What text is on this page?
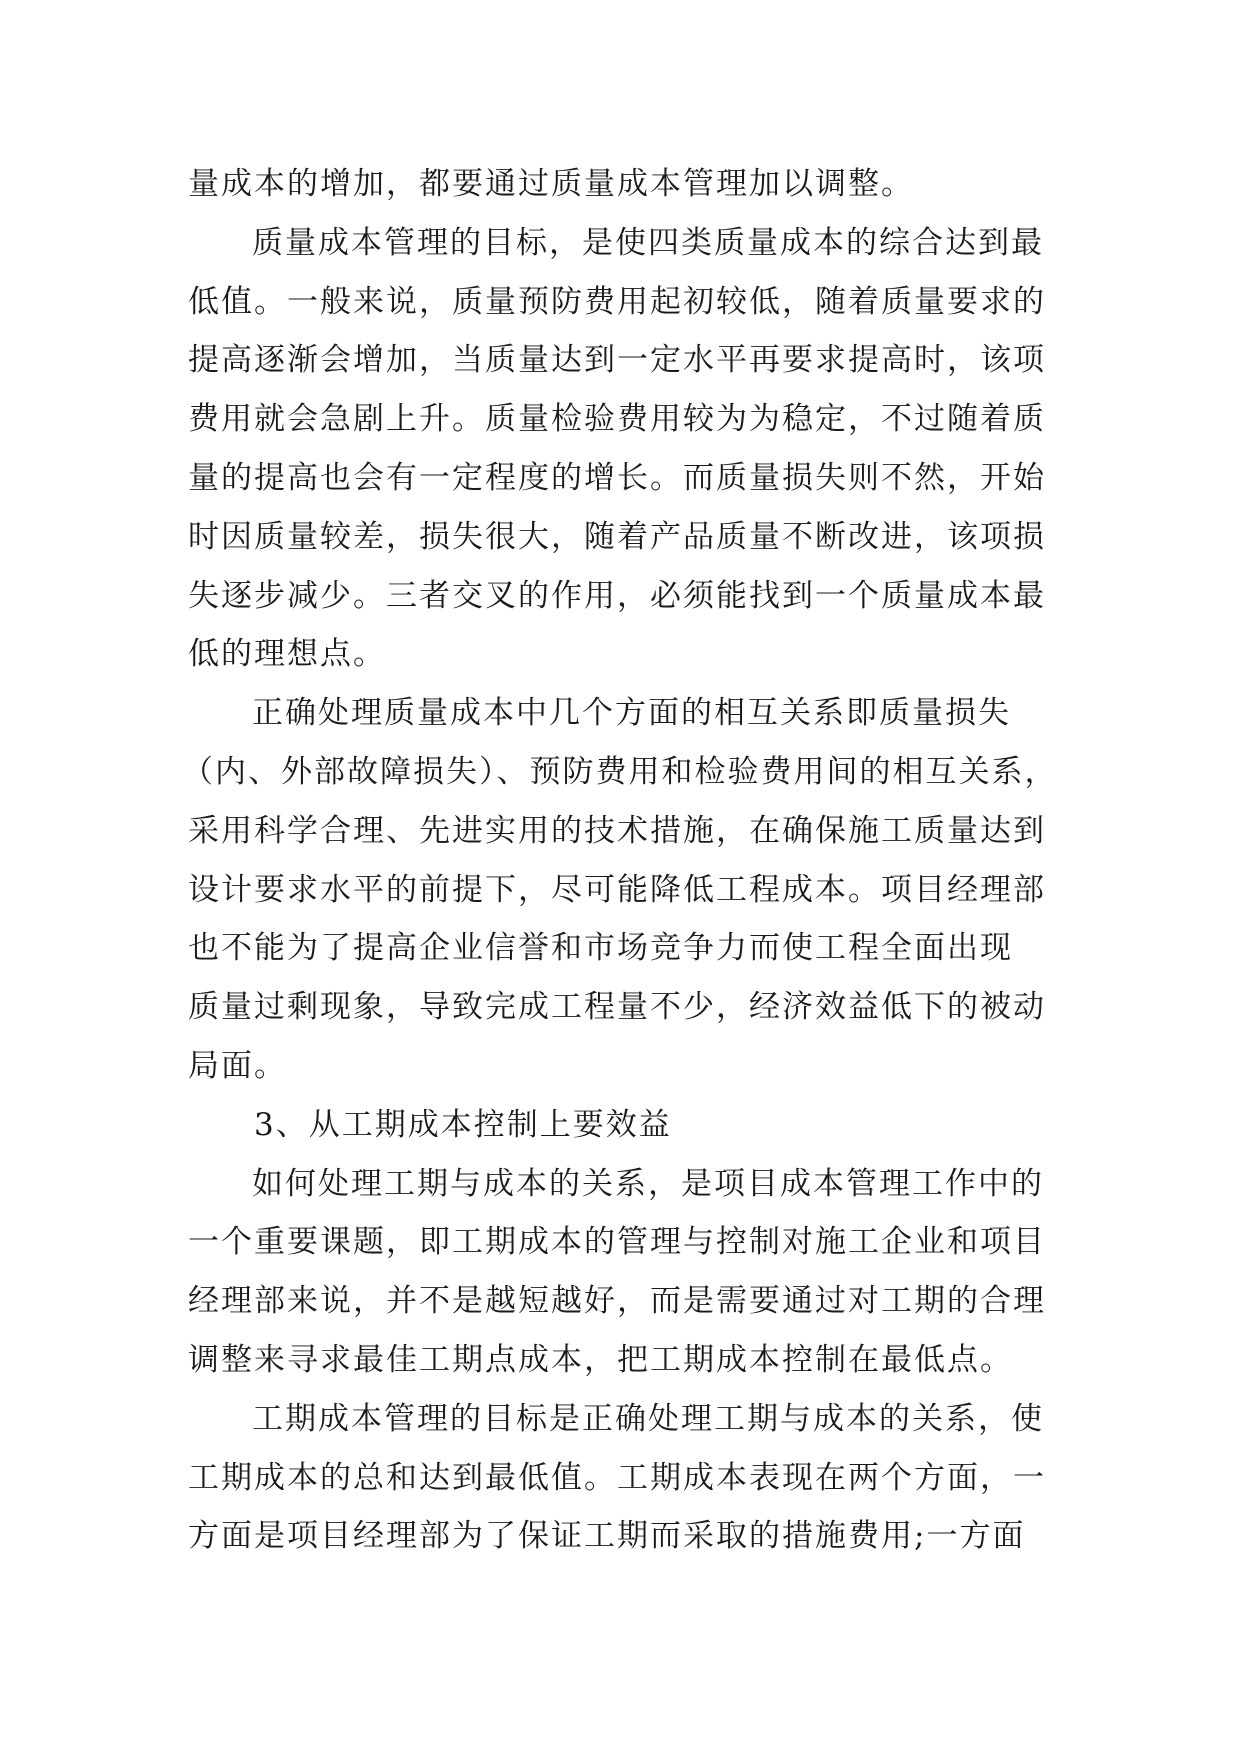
量成本的增加，都要通过质量成本管理加以调整。
质量成本管理的目标，是使四类质量成本的综合达到最
低值。一般来说，质量预防费用起初较低，随着质量要求的
提高逐渐会增加，当质量达到一定水平再要求提高时，该项
费用就会急剧上升。质量检验费用较为为稳定，不过随着质
量的提高也会有一定程度的增长。而质量损失则不然，开始
时因质量较差，损失很大，随着产品质量不断改进，该项损
失逐步减少。三者交叉的作用，必须能找到一个质量成本最
低的理想点。
正确处理质量成本中几个方面的相互关系即质量损失
（内、外部故障损失）、预防费用和检验费用间的相互关系，
采用科学合理、先进实用的技术措施，在确保施工质量达到
设计要求水平的前提下，尽可能降低工程成本。项目经理部
也不能为了提高企业信誉和市场竞争力而使工程全面出现
质量过剩现象，导致完成工程量不少，经济效益低下的被动
局面。
3、从工期成本控制上要效益
如何处理工期与成本的关系，是项目成本管理工作中的
一个重要课题，即工期成本的管理与控制对施工企业和项目
经理部来说，并不是越短越好，而是需要通过对工期的合理
调整来寻求最佳工期点成本，把工期成本控制在最低点。
工期成本管理的目标是正确处理工期与成本的关系，使
工期成本的总和达到最低值。工期成本表现在两个方面，一
方面是项目经理部为了保证工期而采取的措施费用;一方面
